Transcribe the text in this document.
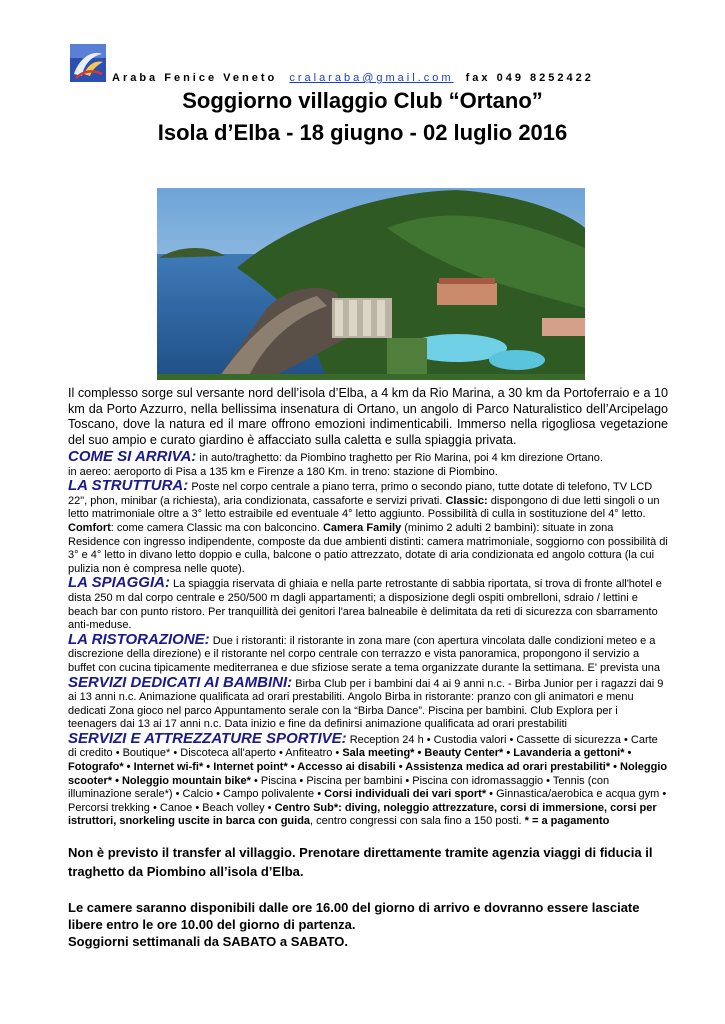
Araba Fenice Veneto cralaraba@gmail.com fax 049 8252422
Soggiorno villaggio Club “Ortano”
Isola d’Elba - 18 giugno - 02 luglio 2016

Il complesso sorge sul versante nord dell’isola d’Elba, a 4 km da Rio Marina, a 30 km da Portoferraio e a 10 km da Porto Azzurro, nella bellissima insenatura di Ortano, un angolo di Parco Naturalistico dell’Arcipelago Toscano, dove la natura ed il mare offrono emozioni indimenticabili. Immerso nella rigogliosa vegetazione del suo ampio e curato giardino è affacciato sulla caletta e sulla spiaggia privata.

COME SI ARRIVA: in auto/traghetto: da Piombino traghetto per Rio Marina, poi 4 km direzione Ortano.
in aereo: aeroporto di Pisa a 135 km e Firenze a 180 Km. in treno: stazione di Piombino.

LA STRUTTURA: Poste nel corpo centrale a piano terra, primo o secondo piano, tutte dotate di telefono, TV LCD 22", phon, minibar (a richiesta), aria condizionata, cassaforte e servizi privati. Classic: dispongono di due letti singoli o un letto matrimoniale oltre a 3° letto estraibile ed eventuale 4° letto aggiunto. Possibilità di culla in sostituzione del 4° letto. Comfort: come camera Classic ma con balconcino. Camera Family (minimo 2 adulti 2 bambini): situate in zona Residence con ingresso indipendente, composte da due ambienti distinti: camera matrimoniale, soggiorno con possibilità di 3° e 4° letto in divano letto doppio e culla, balcone o patio attrezzato, dotate di aria condizionata ed angolo cottura (la cui pulizia non è compresa nelle quote).

LA SPIAGGIA: La spiaggia riservata di ghiaia e nella parte retrostante di sabbia riportata, si trova di fronte all'hotel e dista 250 m dal corpo centrale e 250/500 m dagli appartamenti; a disposizione degli ospiti ombrelloni, sdraio / lettini e beach bar con punto ristoro. Per tranquillità dei genitori l'area balneabile è delimitata da reti di sicurezza con sbarramento anti-meduse.

LA RISTORAZIONE: Due i ristoranti: il ristorante in zona mare (con apertura vincolata dalle condizioni meteo e a discrezione della direzione) e il ristorante nel corpo centrale con terrazzo e vista panoramica, propongono il servizio a buffet con cucina tipicamente mediterranea e due sfiziose serate a tema organizzate durante la settimana. E' prevista una

SERVIZI DEDICATI AI BAMBINI: Birba Club per i bambini dai 4 ai 9 anni n.c. - Birba Junior per i ragazzi dai 9 ai 13 anni n.c. Animazione qualificata ad orari prestabiliti. Angolo Birba in ristorante: pranzo con gli animatori e menu dedicati Zona gioco nel parco Appuntamento serale con la “Birba Dance”. Piscina per bambini. Club Explora per i teenagers dai 13 ai 17 anni n.c. Data inizio e fine da definirsi animazione qualificata ad orari prestabiliti

SERVIZI E ATTREZZATURE SPORTIVE: Reception 24 h • Custodia valori • Cassette di sicurezza • Carte di credito • Boutique* • Discoteca all'aperto • Anfiteatro • Sala meeting* • Beauty Center* • Lavanderia a gettoni* • Fotografo* • Internet wi-fi* • Internet point* • Accesso ai disabili • Assistenza medica ad orari prestabiliti* • Noleggio scooter* • Noleggio mountain bike* • Piscina • Piscina per bambini • Piscina con idromassaggio • Tennis (con illuminazione serale*) • Calcio • Campo polivalente • Corsi individuali dei vari sport* • Ginnastica/aerobica e acqua gym • Percorsi trekking • Canoe • Beach volley • Centro Sub*: diving, noleggio attrezzature, corsi di immersione, corsi per istruttori, snorkeling uscite in barca con guida, centro congressi con sala fino a 150 posti. * = a pagamento

Non è previsto il transfer al villaggio. Prenotare direttamente tramite agenzia viaggi di fiducia il traghetto da Piombino all’isola d’Elba.

Le camere saranno disponibili dalle ore 16.00 del giorno di arrivo e dovranno essere lasciate libere entro le ore 10.00 del giorno di partenza.

Soggiorni settimanali da SABATO a SABATO.
